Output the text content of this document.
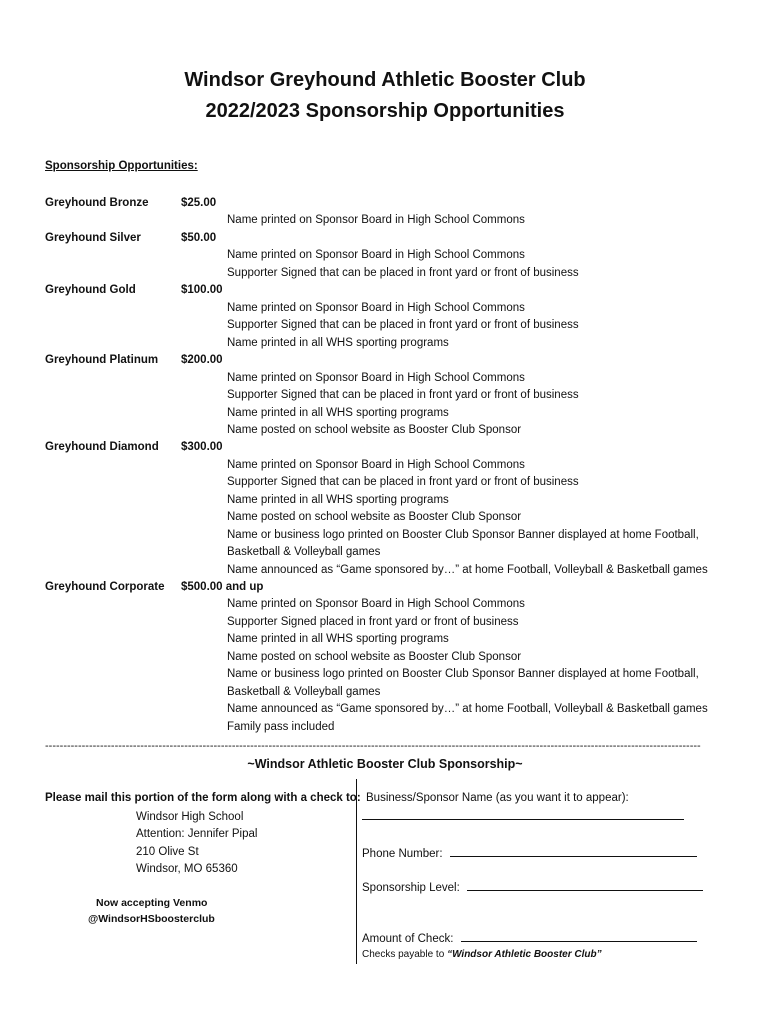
Windsor Greyhound Athletic Booster Club
2022/2023 Sponsorship Opportunities
Sponsorship Opportunities:
Greyhound Bronze	$25.00
Name printed on Sponsor Board in High School Commons
Greyhound Silver	$50.00
Name printed on Sponsor Board in High School Commons
Supporter Signed that can be placed in front yard or front of business
Greyhound Gold	$100.00
Name printed on Sponsor Board in High School Commons
Supporter Signed that can be placed in front yard or front of business
Name printed in all WHS sporting programs
Greyhound Platinum $200.00
Name printed on Sponsor Board in High School Commons
Supporter Signed that can be placed in front yard or front of business
Name printed in all WHS sporting programs
Name posted on school website as Booster Club Sponsor
Greyhound Diamond $300.00
Name printed on Sponsor Board in High School Commons
Supporter Signed that can be placed in front yard or front of business
Name printed in all WHS sporting programs
Name posted on school website as Booster Club Sponsor
Name or business logo printed on Booster Club Sponsor Banner displayed at home Football,
Basketball & Volleyball games
Name announced as “Game sponsored by…” at home Football, Volleyball & Basketball games
Greyhound Corporate $500.00 and up
Name printed on Sponsor Board in High School Commons
Supporter Signed placed in front yard or front of business
Name printed in all WHS sporting programs
Name posted on school website as Booster Club Sponsor
Name or business logo printed on Booster Club Sponsor Banner displayed at home Football,
Basketball & Volleyball games
Name announced as “Game sponsored by…” at home Football, Volleyball & Basketball games
Family pass included
-----------------------------------------------------------------------------------------------------------------------------------------------------------------------------------
~Windsor Athletic Booster Club Sponsorship~
Please mail this portion of the form along with a check to:
Windsor High School
Attention: Jennifer Pipal
210 Olive St
Windsor, MO 65360
Now accepting Venmo
@WindsorHSboosterclub
Business/Sponsor Name (as you want it to appear):
Phone Number:
Sponsorship Level:
Amount of Check:
Checks payable to “Windsor Athletic Booster Club”
